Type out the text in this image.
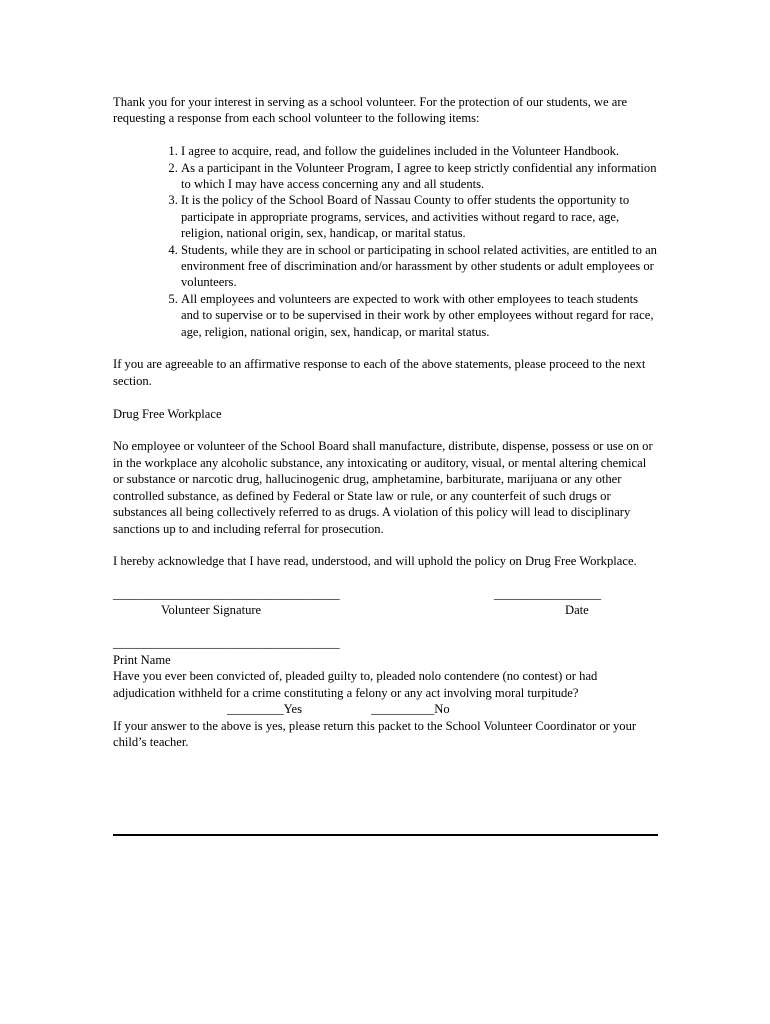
Thank you for your interest in serving as a school volunteer. For the protection of our students, we are requesting a response from each school volunteer to the following items:

1. I agree to acquire, read, and follow the guidelines included in the Volunteer Handbook.
2. As a participant in the Volunteer Program, I agree to keep strictly confidential any information to which I may have access concerning any and all students.
3. It is the policy of the School Board of Nassau County to offer students the opportunity to participate in appropriate programs, services, and activities without regard to race, age, religion, national origin, sex, handicap, or marital status.
4. Students, while they are in school or participating in school related activities, are entitled to an environment free of discrimination and/or harassment by other students or adult employees or volunteers.
5. All employees and volunteers are expected to work with other employees to teach students and to supervise or to be supervised in their work by other employees without regard for race, age, religion, national origin, sex, handicap, or marital status.

If you are agreeable to an affirmative response to each of the above statements, please proceed to the next section.

Drug Free Workplace

No employee or volunteer of the School Board shall manufacture, distribute, dispense, possess or use on or in the workplace any alcoholic substance, any intoxicating or auditory, visual, or mental altering chemical or substance or narcotic drug, hallucinogenic drug, amphetamine, barbiturate, marijuana or any other controlled substance, as defined by Federal or State law or rule, or any counterfeit of such drugs or substances all being collectively referred to as drugs. A violation of this policy will lead to disciplinary sanctions up to and including referral for prosecution.

I hereby acknowledge that I have read, understood, and will uphold the policy on Drug Free Workplace.

____________________________________	_________________
Volunteer Signature	Date

____________________________________

Print Name

Have you ever been convicted of, pleaded guilty to, pleaded nolo contendere (no contest) or had adjudication withheld for a crime constituting a felony or any act involving moral turpitude?

_________Yes	__________No

If your answer to the above is yes, please return this packet to the School Volunteer Coordinator or your child’s teacher.
